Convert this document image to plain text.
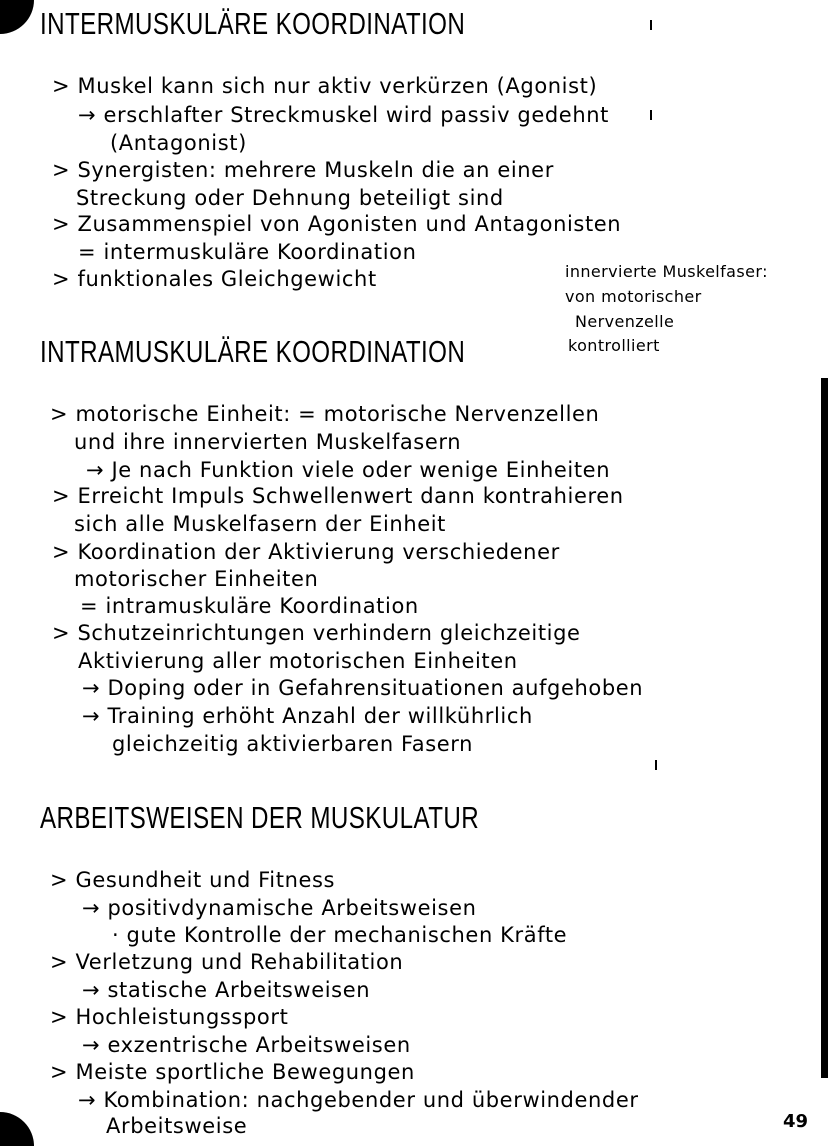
INTERMUSKULÄRE KOORDINATION
> Muskel kann sich nur aktiv verkürzen (Agonist)
→ erschlafter Streckmuskel wird passiv gedehnt
(Antagonist)
> Synergisten: mehrere Muskeln die an einer
Streckung oder Dehnung beteiligt sind
> Zusammenspiel von Agonisten und Antagonisten
= intermuskuläre Koordination
> funktionales Gleichgewicht	innervierte Muskelfaser:
von motorischer
Nervenzelle
kontrolliert
INTRAMUSKULÄRE KOORDINATION
> motorische Einheit: = motorische Nervenzellen
und ihre innervierten Muskelfasern
→ Je nach Funktion viele oder wenige Einheiten
> Erreicht Impuls Schwellenwert dann kontrahieren
sich alle Muskelfasern der Einheit
> Koordination der Aktivierung verschiedener
motorischer Einheiten
= intramuskuläre Koordination
> Schutzeinrichtungen verhindern gleichzeitige
Aktivierung aller motorischen Einheiten
→ Doping oder in Gefahrensituationen aufgehoben
→ Training erhöht Anzahl der willkührlich
gleichzeitig aktivierbaren Fasern
ARBEITSWEISEN DER MUSKULATUR
> Gesundheit und Fitness
→ positivdynamische Arbeitsweisen
· gute Kontrolle der mechanischen Kräfte
> Verletzung und Rehabilitation
→ statische Arbeitsweisen
> Hochleistungssport
→ exzentrische Arbeitsweisen
> Meiste sportliche Bewegungen
→ Kombination: nachgebender und überwindender
Arbeitsweise	49
